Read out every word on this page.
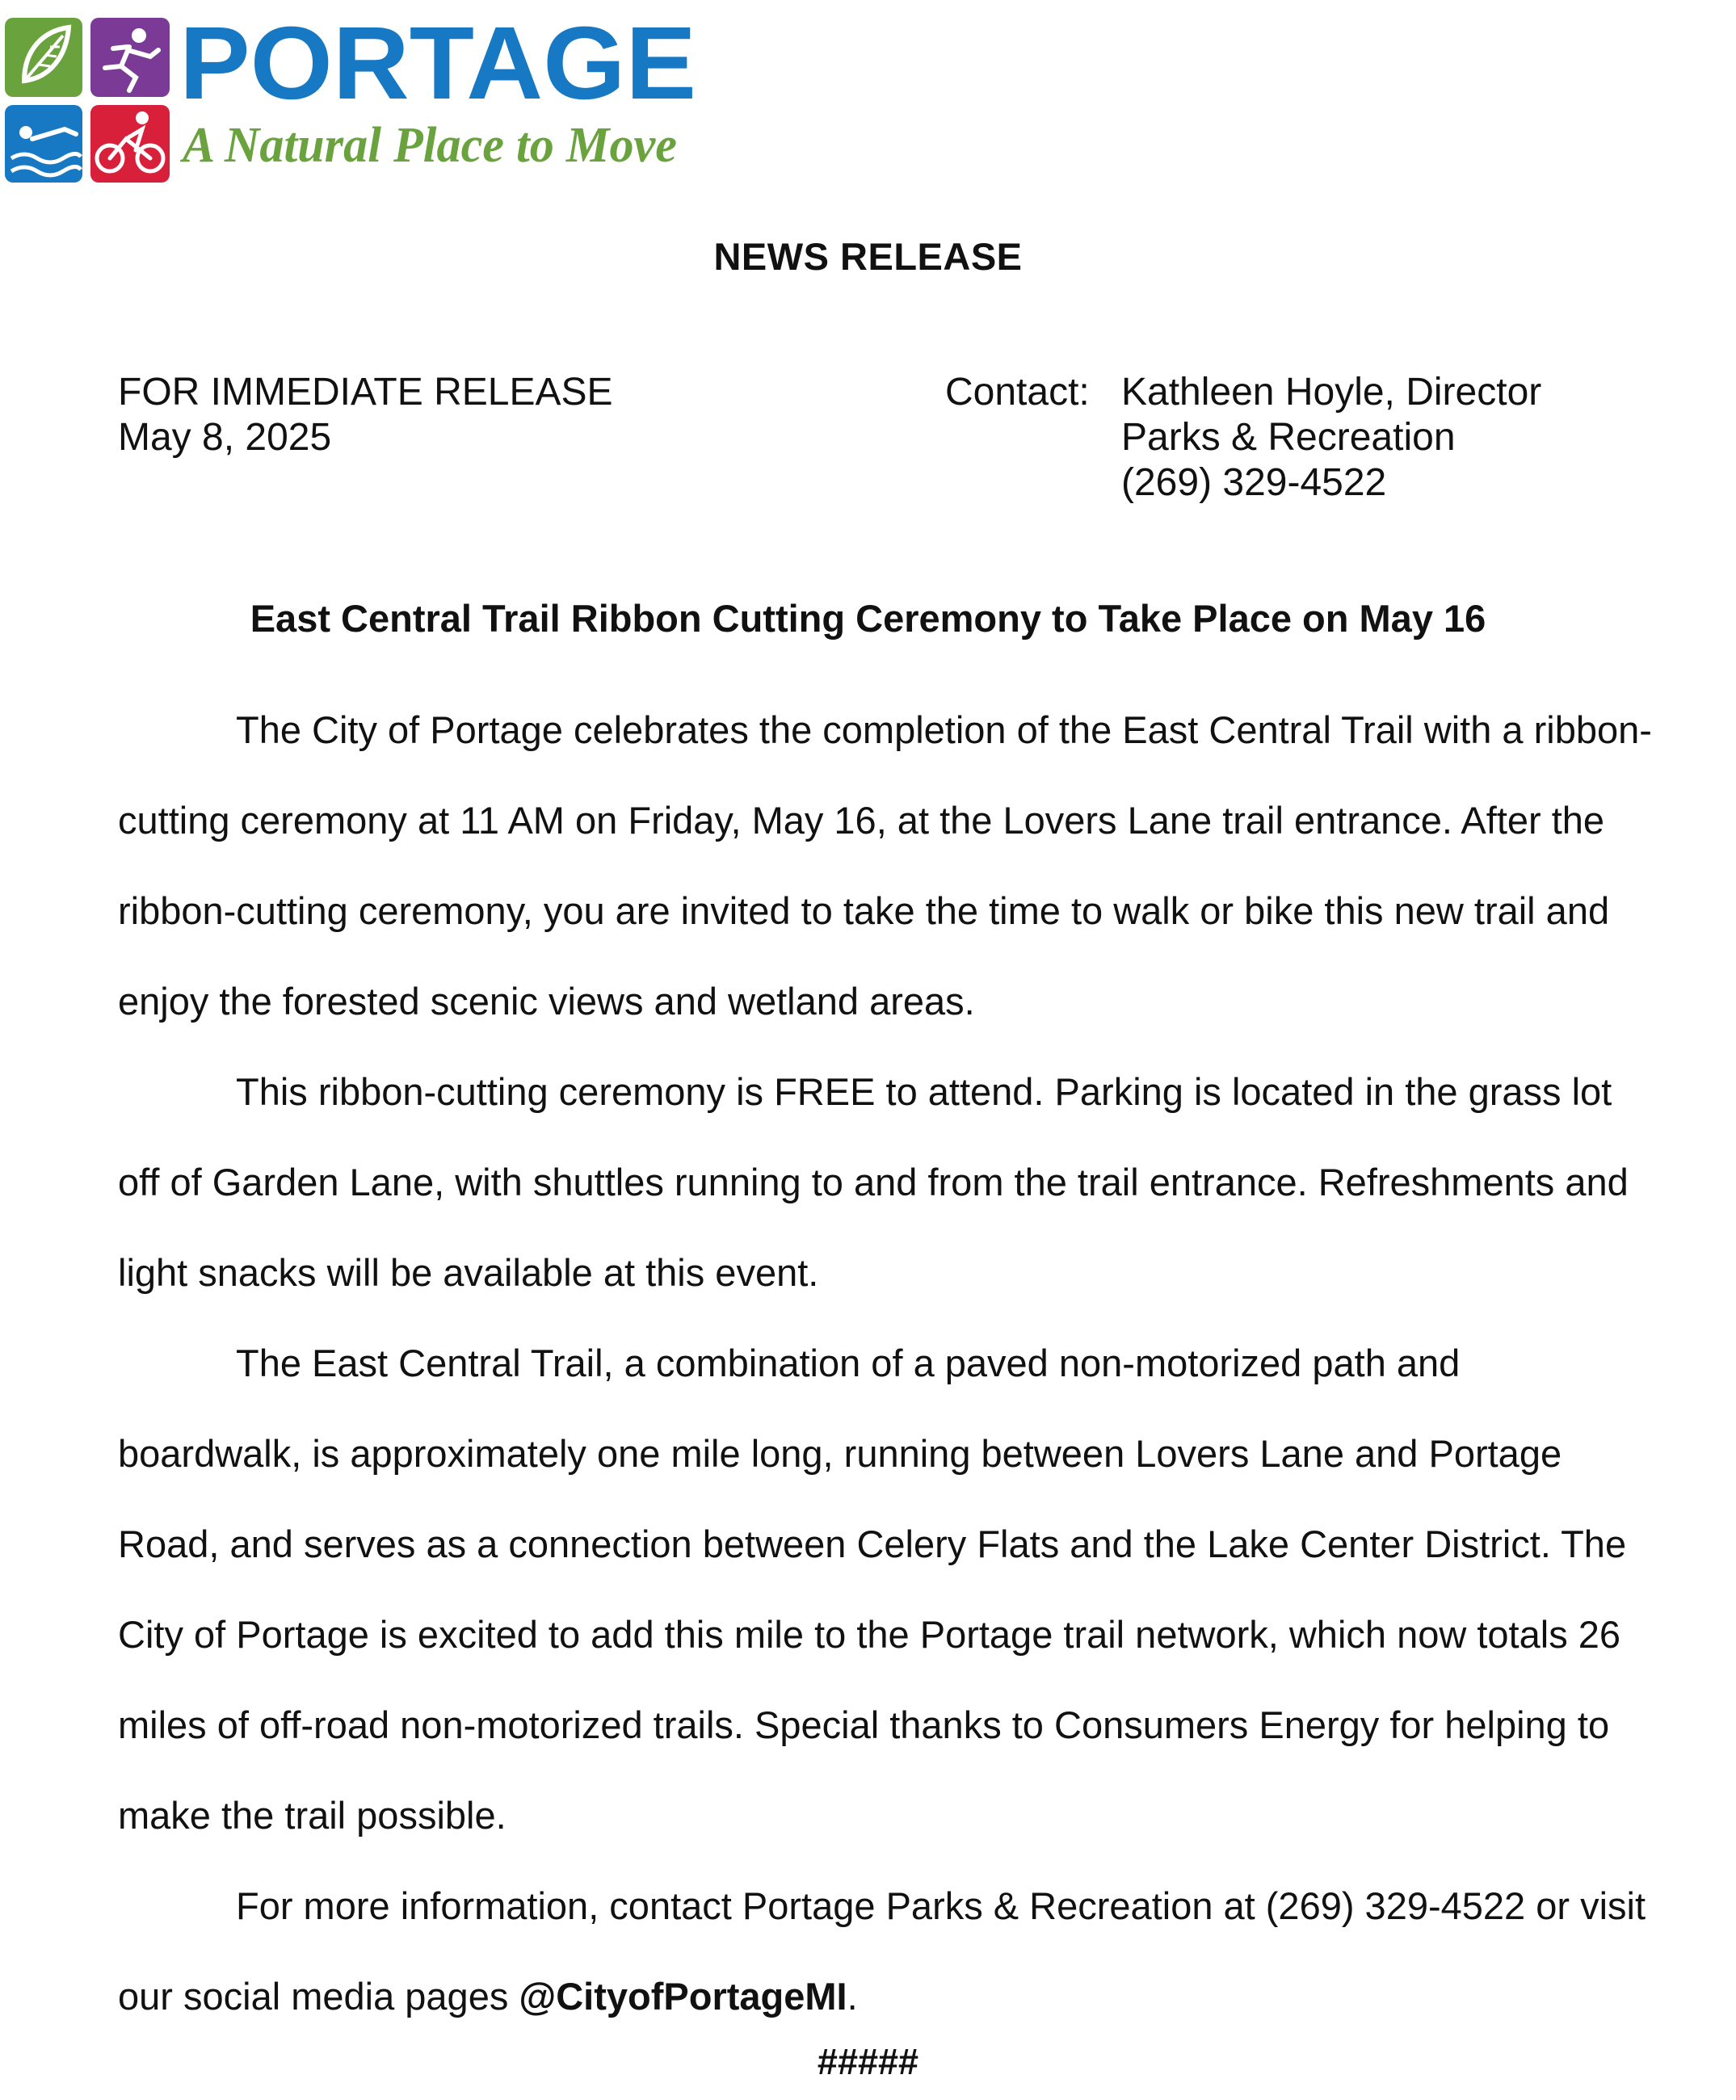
PORTAGE
A Natural Place to Move
NEWS RELEASE
FOR IMMEDIATE RELEASE
May 8, 2025
Contact: Kathleen Hoyle, Director
Parks & Recreation
(269) 329-4522
East Central Trail Ribbon Cutting Ceremony to Take Place on May 16

The City of Portage celebrates the completion of the East Central Trail with a ribbon-cutting ceremony at 11 AM on Friday, May 16, at the Lovers Lane trail entrance. After the ribbon-cutting ceremony, you are invited to take the time to walk or bike this new trail and enjoy the forested scenic views and wetland areas.

This ribbon-cutting ceremony is FREE to attend. Parking is located in the grass lot off of Garden Lane, with shuttles running to and from the trail entrance. Refreshments and light snacks will be available at this event.

The East Central Trail, a combination of a paved non-motorized path and boardwalk, is approximately one mile long, running between Lovers Lane and Portage Road, and serves as a connection between Celery Flats and the Lake Center District. The City of Portage is excited to add this mile to the Portage trail network, which now totals 26 miles of off-road non-motorized trails. Special thanks to Consumers Energy for helping to make the trail possible.

For more information, contact Portage Parks & Recreation at (269) 329-4522 or visit our social media pages @CityofPortageMI.

#####
